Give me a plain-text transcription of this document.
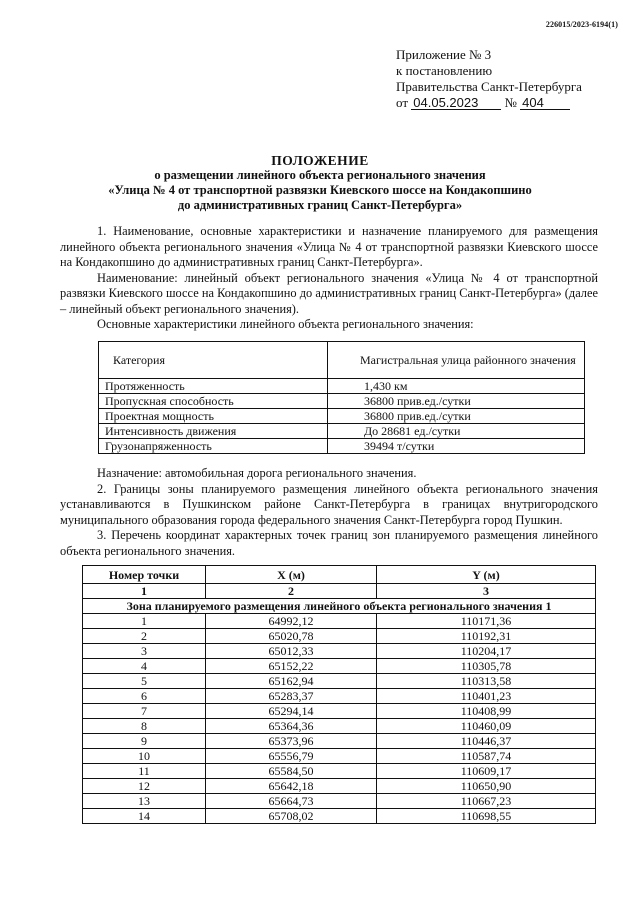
226015/2023-6194(1)
Приложение № 3
к постановлению
Правительства Санкт-Петербурга
от 04.05.2023 № 404
ПОЛОЖЕНИЕ
о размещении линейного объекта регионального значения
«Улица № 4 от транспортной развязки Киевского шоссе на Кондакопшино
до административных границ Санкт-Петербурга»

1. Наименование, основные характеристики и назначение планируемого для размещения линейного объекта регионального значения «Улица № 4 от транспортной развязки Киевского шоссе на Кондакопшино до административных границ Санкт-Петербурга».

Наименование: линейный объект регионального значения «Улица № 4 от транспортной развязки Киевского шоссе на Кондакопшино до административных границ Санкт-Петербурга» (далее – линейный объект регионального значения).

Основные характеристики линейного объекта регионального значения:

Категория	Магистральная улица районного значения

Протяженность	1,430 км
Пропускная способность	36800 прив.ед./сутки
Проектная мощность	36800 прив.ед./сутки
Интенсивность движения	До 28681 ед./сутки
Грузонапряженность	39494 т/сутки

Назначение: автомобильная дорога регионального значения.

2. Границы зоны планируемого размещения линейного объекта регионального значения устанавливаются в Пушкинском районе Санкт-Петербурга в границах внутригородского муниципального образования города федерального значения Санкт-Петербурга город Пушкин.

3. Перечень координат характерных точек границ зон планируемого размещения линейного объекта регионального значения.

Номер точки	X (м)	Y (м)
1	2	3
Зона планируемого размещения линейного объекта регионального значения 1		
1	64992,12	110171,36
2	65020,78	110192,31
3	65012,33	110204,17
4	65152,22	110305,78
5	65162,94	110313,58
6	65283,37	110401,23
7	65294,14	110408,99
8	65364,36	110460,09
9	65373,96	110446,37
10	65556,79	110587,74
11	65584,50	110609,17
12	65642,18	110650,90
13	65664,73	110667,23
14	65708,02	110698,55
